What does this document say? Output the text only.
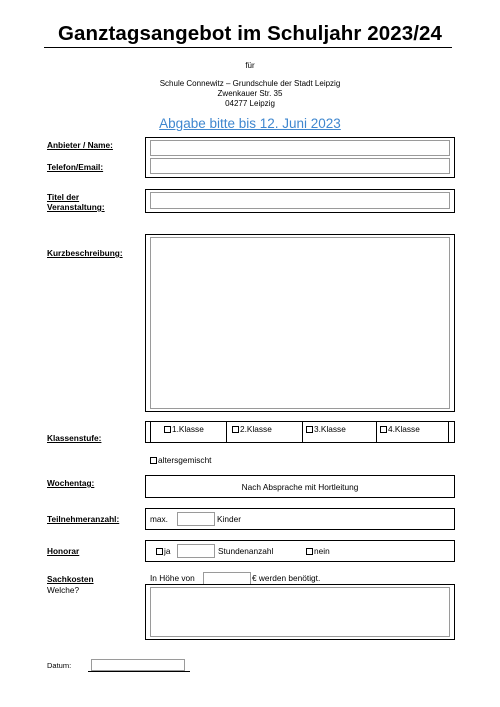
Ganztagsangebot im Schuljahr 2023/24
für
Schule Connewitz – Grundschule der Stadt Leipzig
Zwenkauer Str. 35
04277 Leipzig
Abgabe bitte bis 12. Juni 2023
Anbieter / Name:
Telefon/Email:
Titel der
Veranstaltung:
Kurzbeschreibung:
Klassenstufe:
1.Klasse	2.Klasse	3.Klasse	4.Klasse
altersgemischt
Wochentag:	Nach Absprache mit Hortleitung
Teilnehmeranzahl:	max.	Kinder
Honorar	ja	Stundenanzahl	nein
Sachkosten
Welche?
In Höhe von	€ werden benötigt.
Datum:
